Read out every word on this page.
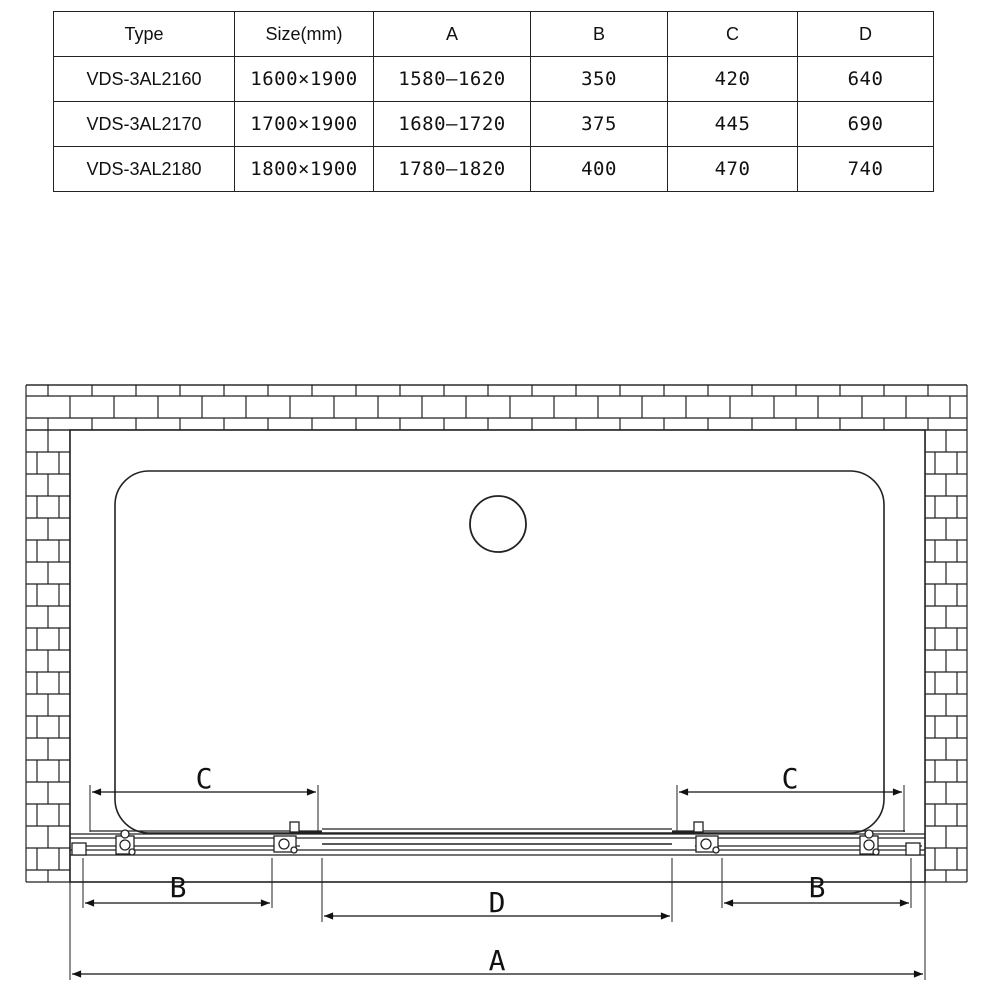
Type	Size(mm)	A	B	C	D
VDS-3AL2160	1600×1900	1580–1620	350	420	640
VDS-3AL2170	1700×1900	1680–1720	375	445	690
VDS-3AL2180	1800×1900	1780–1820	400	470	740
C	C
B	B
D
A
